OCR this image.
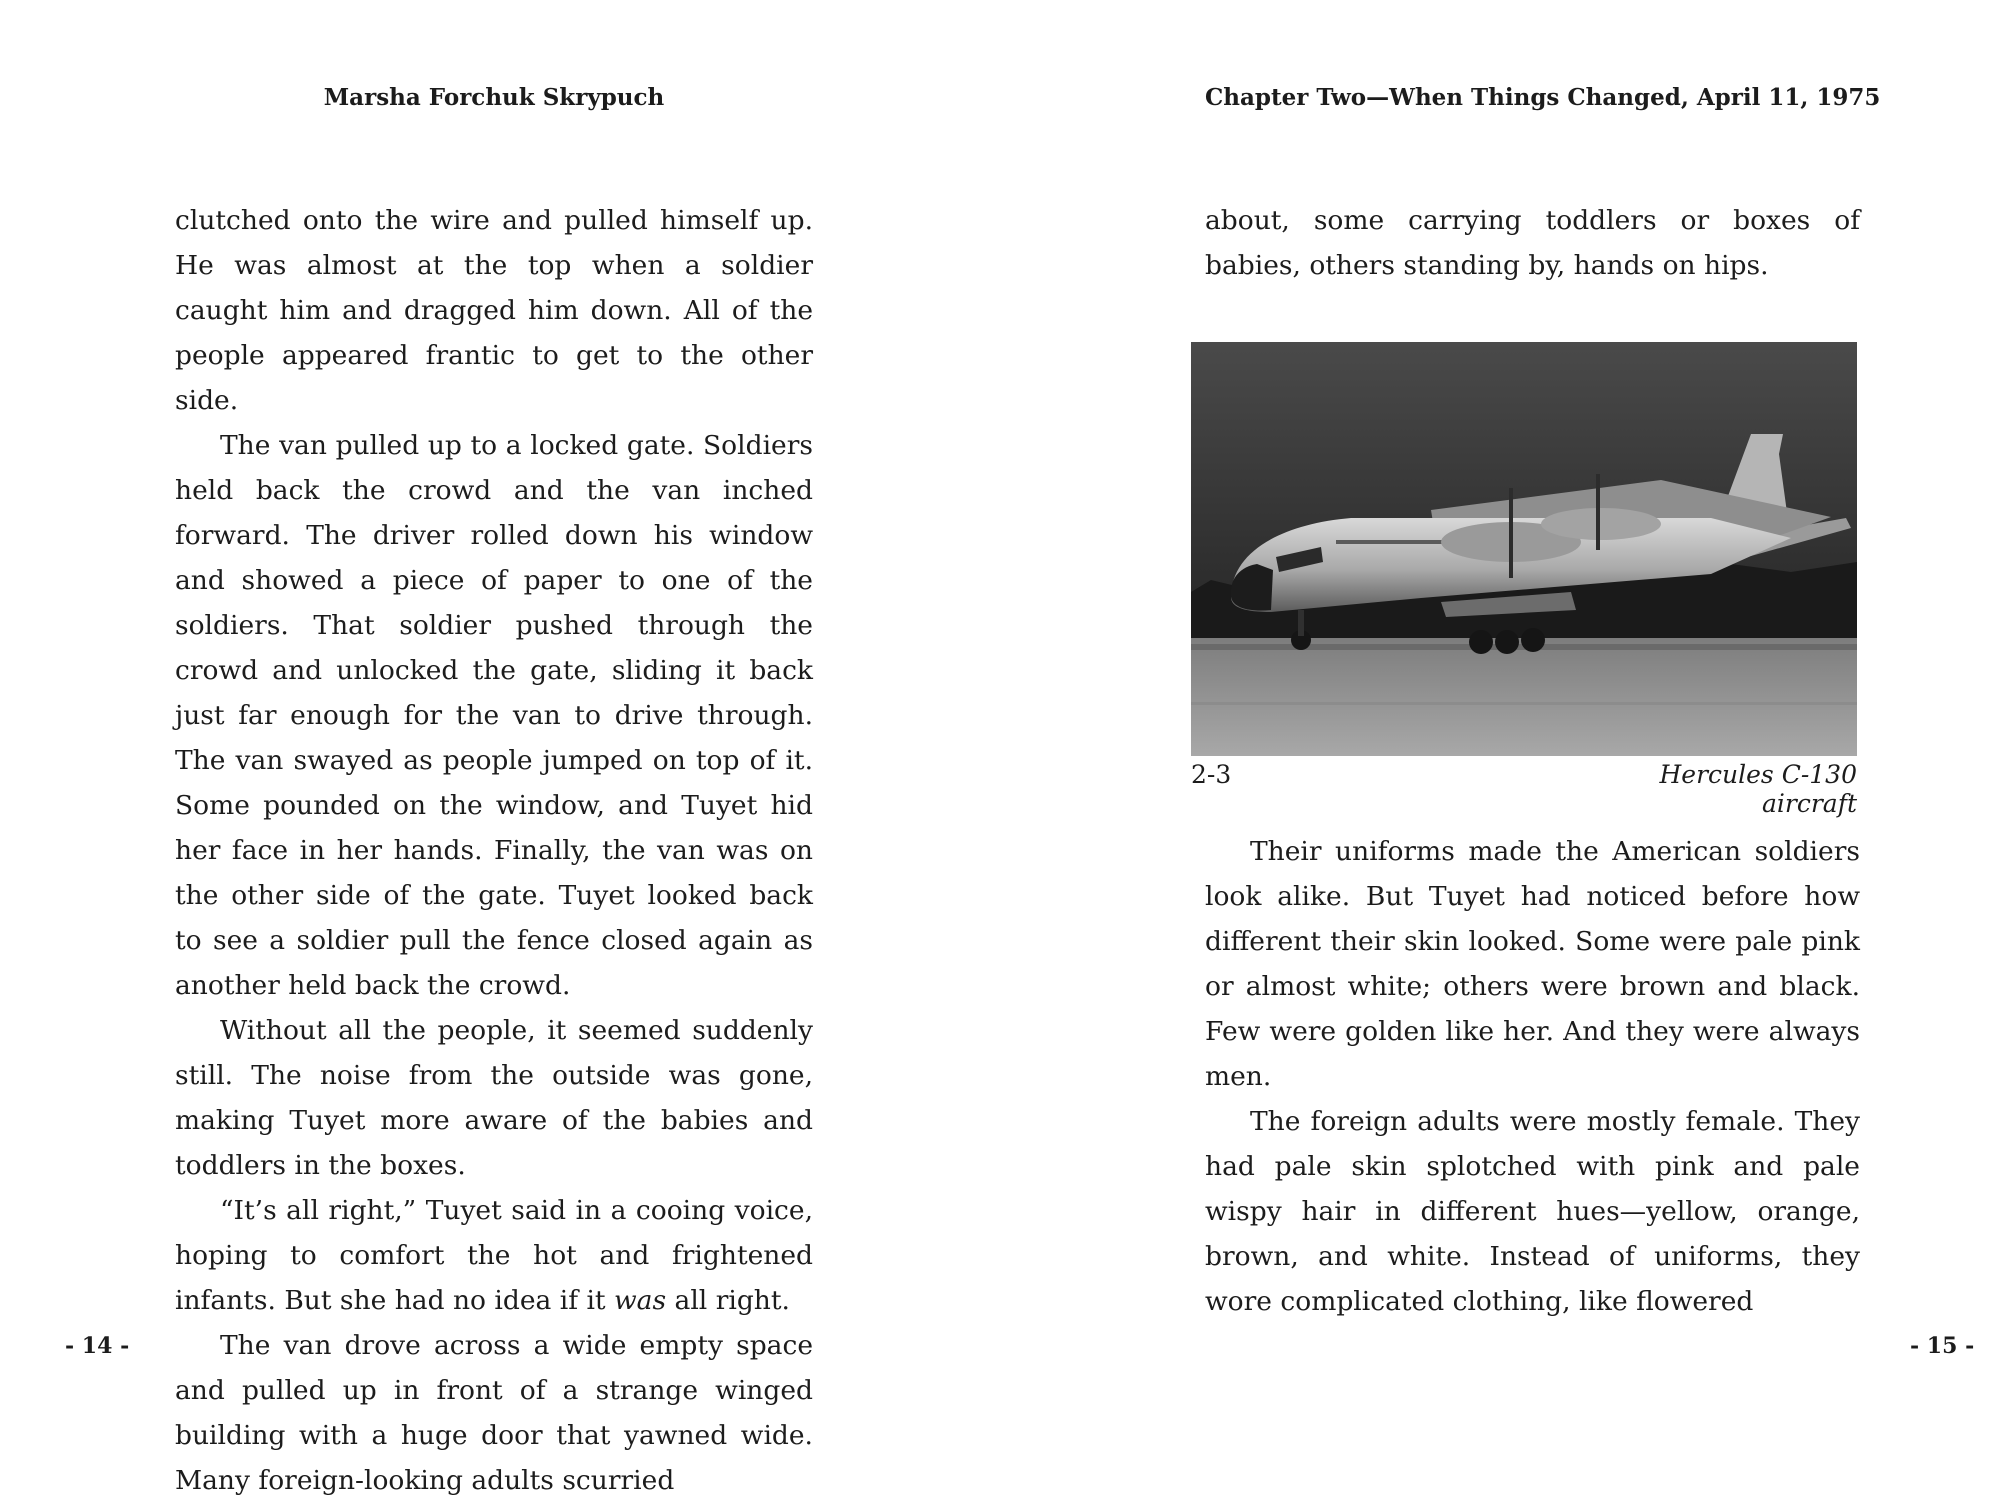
Marsha Forchuk Skrypuch

clutched onto the wire and pulled himself up. He was almost at the top when a soldier caught him and dragged him down. All of the people appeared frantic to get to the other side.

The van pulled up to a locked gate. Soldiers held back the crowd and the van inched forward. The driver rolled down his window and showed a piece of paper to one of the soldiers. That soldier pushed through the crowd and unlocked the gate, sliding it back just far enough for the van to drive through. The van swayed as people jumped on top of it. Some pounded on the window, and Tuyet hid her face in her hands. Finally, the van was on the other side of the gate. Tuyet looked back to see a soldier pull the fence closed again as another held back the crowd.

Without all the people, it seemed suddenly still. The noise from the outside was gone, making Tuyet more aware of the babies and toddlers in the boxes.

“It’s all right,” Tuyet said in a cooing voice, hoping to comfort the hot and frightened infants. But she had no idea if it was all right.

The van drove across a wide empty space and pulled up in front of a strange winged building with a huge door that yawned wide. Many foreign-looking adults scurried

- 14 -
Chapter Two—When Things Changed, April 11, 1975

about, some carrying toddlers or boxes of babies, others standing by, hands on hips.

2-3	Hercules C-130 aircraft

Their uniforms made the American soldiers look alike. But Tuyet had noticed before how different their skin looked. Some were pale pink or almost white; others were brown and black. Few were golden like her. And they were always men.

The foreign adults were mostly female. They had pale skin splotched with pink and pale wispy hair in different hues—yellow, orange, brown, and white. Instead of uniforms, they wore complicated clothing, like flowered

- 15 -
